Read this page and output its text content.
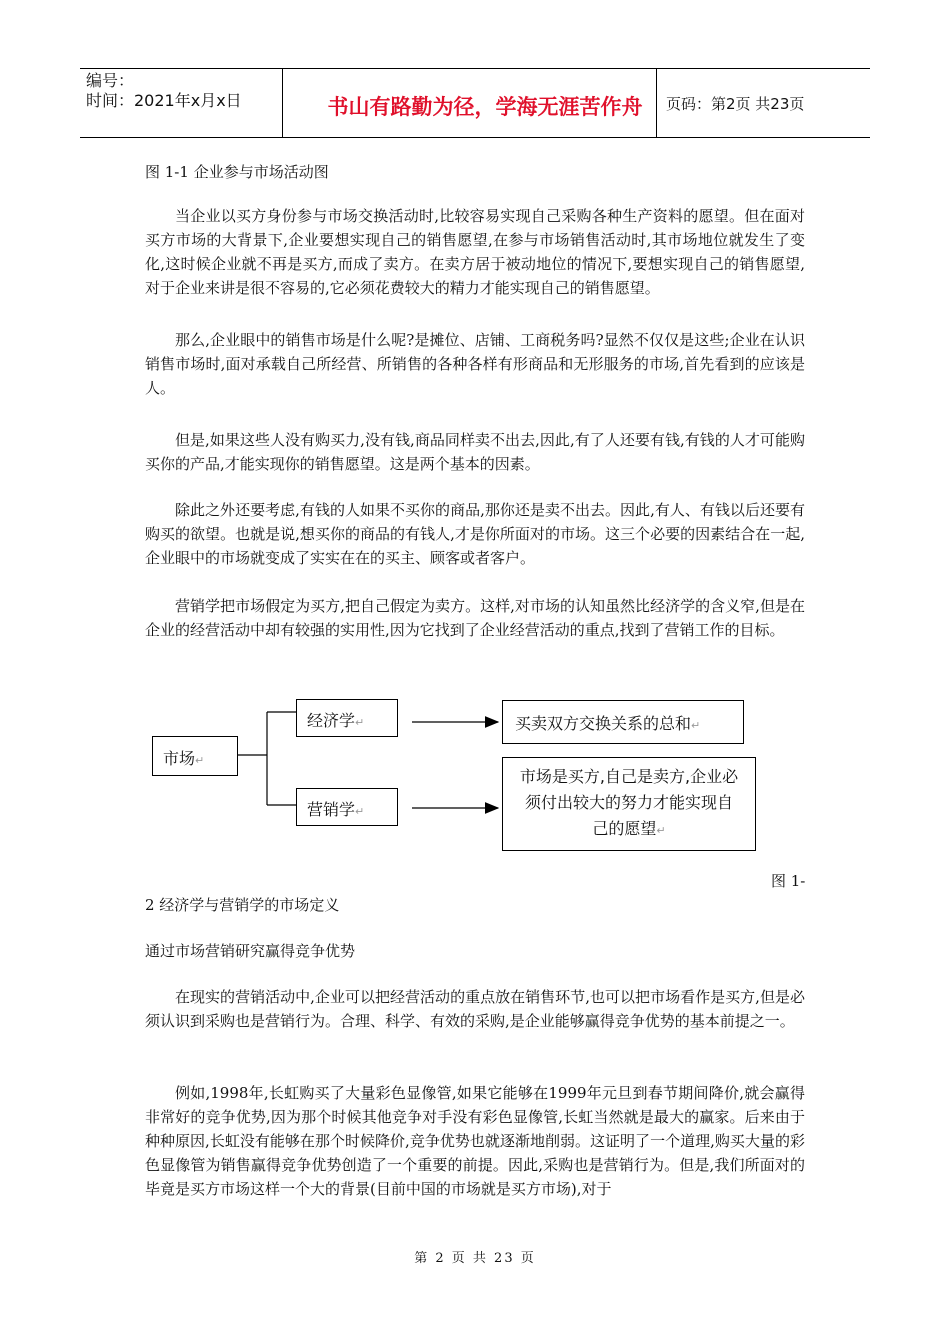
编号：
时间：2021年x月x日	书山有路勤为径，学海无涯苦作舟	页码：第2页 共23页
图 1-1 企业参与市场活动图
当企业以买方身份参与市场交换活动时,比较容易实现自己采购各种生产资料的愿望。但在面对买方市场的大背景下,企业要想实现自己的销售愿望,在参与市场销售活动时,其市场地位就发生了变化,这时候企业就不再是买方,而成了卖方。在卖方居于被动地位的情况下,要想实现自己的销售愿望,对于企业来讲是很不容易的,它必须花费较大的精力才能实现自己的销售愿望。
那么,企业眼中的销售市场是什么呢?是摊位、店铺、工商税务吗?显然不仅仅是这些;企业在认识销售市场时,面对承载自己所经营、所销售的各种各样有形商品和无形服务的市场,首先看到的应该是人。
但是,如果这些人没有购买力,没有钱,商品同样卖不出去,因此,有了人还要有钱,有钱的人才可能购买你的产品,才能实现你的销售愿望。这是两个基本的因素。
除此之外还要考虑,有钱的人如果不买你的商品,那你还是卖不出去。因此,有人、有钱以后还要有购买的欲望。也就是说,想买你的商品的有钱人,才是你所面对的市场。这三个必要的因素结合在一起,企业眼中的市场就变成了实实在在的买主、顾客或者客户。
营销学把市场假定为买方,把自己假定为卖方。这样,对市场的认知虽然比经济学的含义窄,但是在企业的经营活动中却有较强的实用性,因为它找到了企业经营活动的重点,找到了营销工作的目标。
市场↵
经济学↵
营销学↵
买卖双方交换关系的总和↵
市场是买方,自己是卖方,企业必
须付出较大的努力才能实现自
己的愿望↵
图 1-
2 经济学与营销学的市场定义
通过市场营销研究赢得竞争优势
在现实的营销活动中,企业可以把经营活动的重点放在销售环节,也可以把市场看作是买方,但是必须认识到采购也是营销行为。合理、科学、有效的采购,是企业能够赢得竞争优势的基本前提之一。
例如,1998年,长虹购买了大量彩色显像管,如果它能够在1999年元旦到春节期间降价,就会赢得非常好的竞争优势,因为那个时候其他竞争对手没有彩色显像管,长虹当然就是最大的赢家。后来由于种种原因,长虹没有能够在那个时候降价,竞争优势也就逐渐地削弱。这证明了一个道理,购买大量的彩色显像管为销售赢得竞争优势创造了一个重要的前提。因此,采购也是营销行为。但是,我们所面对的毕竟是买方市场这样一个大的背景(目前中国的市场就是买方市场),对于
第 2 页 共 23 页
